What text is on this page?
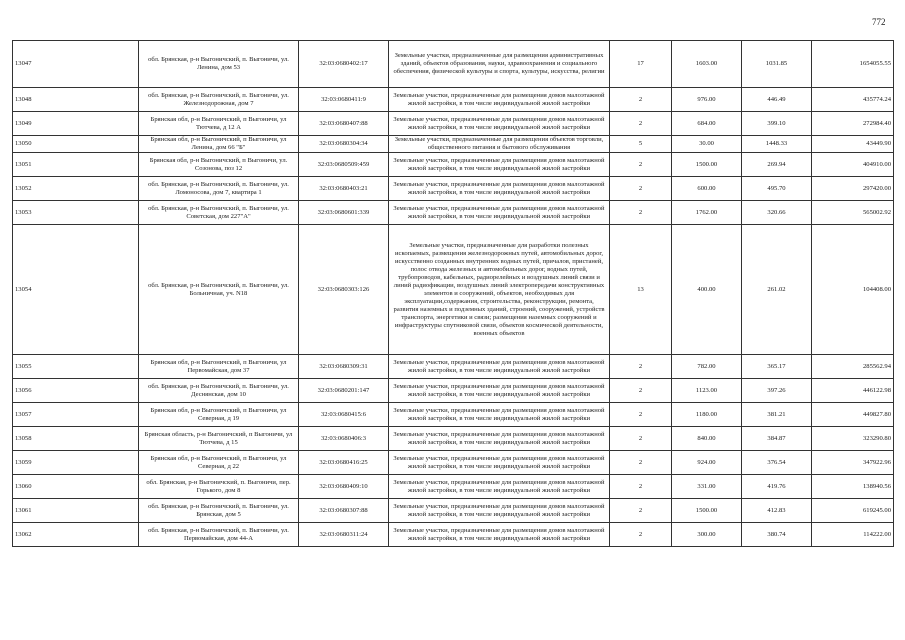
772
13047	обл. Брянская, р-н Выгоничский, п. Выгоничи, ул. Ленина, дом 53	32:03:0680402:17	Земельные участки, предназначенные для размещения административных зданий, объектов образования, науки, здравоохранения и социального обеспечения, физической культуры и спорта, культуры, искусства, религии	17	1603.00	1031.85	1654055.55
13048	обл. Брянская, р-н Выгоничский, п. Выгоничи, ул. Железнодорожная, дом 7	32:03:0680411:9	Земельные участки, предназначенные для размещения домов малоэтажной жилой застройки, в том числе индивидуальной жилой застройки	2	976.00	446.49	435774.24
13049	Брянская обл, р-н Выгоничский, п Выгоничи, ул Тютчева, д 12 А	32:03:0680407:88	Земельные участки, предназначенные для размещения домов малоэтажной жилой застройки, в том числе индивидуальной жилой застройки	2	684.00	399.10	272984.40
13050	Брянская обл, р-н Выгоничский, п Выгоничи, ул Ленина, дом 66 "Б"	32:03:0680304:34	Земельные участки, предназначенные для размещения объектов торговли, общественного питания и бытового обслуживания	5	30.00	1448.33	43449.90
13051	Брянская обл, р-н Выгоничский, п Выгоничи, ул. Созонова, поз 12	32:03:0680509:459	Земельные участки, предназначенные для размещения домов малоэтажной жилой застройки, в том числе индивидуальной жилой застройки	2	1500.00	269.94	404910.00
13052	обл. Брянская, р-н Выгоничский, п. Выгоничи, ул. Ломоносова, дом 7, квартира 1	32:03:0680403:21	Земельные участки, предназначенные для размещения домов малоэтажной жилой застройки, в том числе индивидуальной жилой застройки	2	600.00	495.70	297420.00
13053	обл. Брянская, р-н Выгоничский, п. Выгоничи, ул. Советская, дом 227"А"	32:03:0680601:339	Земельные участки, предназначенные для размещения домов малоэтажной жилой застройки, в том числе индивидуальной жилой застройки	2	1762.00	320.66	565002.92
13054	обл. Брянская, р-н Выгоничский, п. Выгоничи, ул. Больничная, уч. N18	32:03:0680303:126	Земельные участки, предназначенные для разработки полезных ископаемых, размещения железнодорожных путей, автомобильных дорог, искусственно созданных внутренних водных путей, причалов, пристаней, полос отвода железных и автомобильных дорог, водных путей, трубопроводов, кабельных, радиорелейных и воздушных линий связи и линий радиофикации, воздушных линий электропередачи конструктивных элементов и сооружений, объектов, необходимых для эксплуатации,содержания, строительства, реконструкции, ремонта, развития наземных и подземных зданий, строений, сооружений, устройств транспорта, энергетики и связи; размещения наземных сооружений и инфраструктуры спутниковой связи, объектов космической деятельности, военных объектов	13	400.00	261.02	104408.00
13055	Брянская обл, р-н Выгоничский, п Выгоничи, ул Первомайская, дом 37	32:03:0680309:31	Земельные участки, предназначенные для размещения домов малоэтажной жилой застройки, в том числе индивидуальной жилой застройки	2	782.00	365.17	285562.94
13056	обл. Брянская, р-н Выгоничский, п. Выгоничи, ул. Деснянская, дом 10	32:03:0680201:147	Земельные участки, предназначенные для размещения домов малоэтажной жилой застройки, в том числе индивидуальной жилой застройки	2	1123.00	397.26	446122.98
13057	Брянская обл, р-н Выгоничский, п Выгоничи, ул Северная, д 19	32:03:0680415:6	Земельные участки, предназначенные для размещения домов малоэтажной жилой застройки, в том числе индивидуальной жилой застройки	2	1180.00	381.21	449827.80
13058	Брянская область, р-н Выгоничский, п Выгоничи, ул Тютчева, д 15	32:03:0680406:3	Земельные участки, предназначенные для размещения домов малоэтажной жилой застройки, в том числе индивидуальной жилой застройки	2	840.00	384.87	323290.80
13059	Брянская обл, р-н Выгоничский, п Выгоничи, ул Северная, д 22	32:03:0680416:25	Земельные участки, предназначенные для размещения домов малоэтажной жилой застройки, в том числе индивидуальной жилой застройки	2	924.00	376.54	347922.96
13060	обл. Брянская, р-н Выгоничский, п. Выгоничи, пер. Горького, дом 8	32:03:0680409:10	Земельные участки, предназначенные для размещения домов малоэтажной жилой застройки, в том числе индивидуальной жилой застройки	2	331.00	419.76	138940.56
13061	обл. Брянская, р-н Выгоничский, п. Выгоничи, ул. Брянская, дом 5	32:03:0680307:88	Земельные участки, предназначенные для размещения домов малоэтажной жилой застройки, в том числе индивидуальной жилой застройки	2	1500.00	412.83	619245.00
13062	обл. Брянская, р-н Выгоничский, п. Выгоничи, ул. Первомайская, дом 44-А	32:03:0680311:24	Земельные участки, предназначенные для размещения домов малоэтажной жилой застройки, в том числе индивидуальной жилой застройки	2	300.00	380.74	114222.00
